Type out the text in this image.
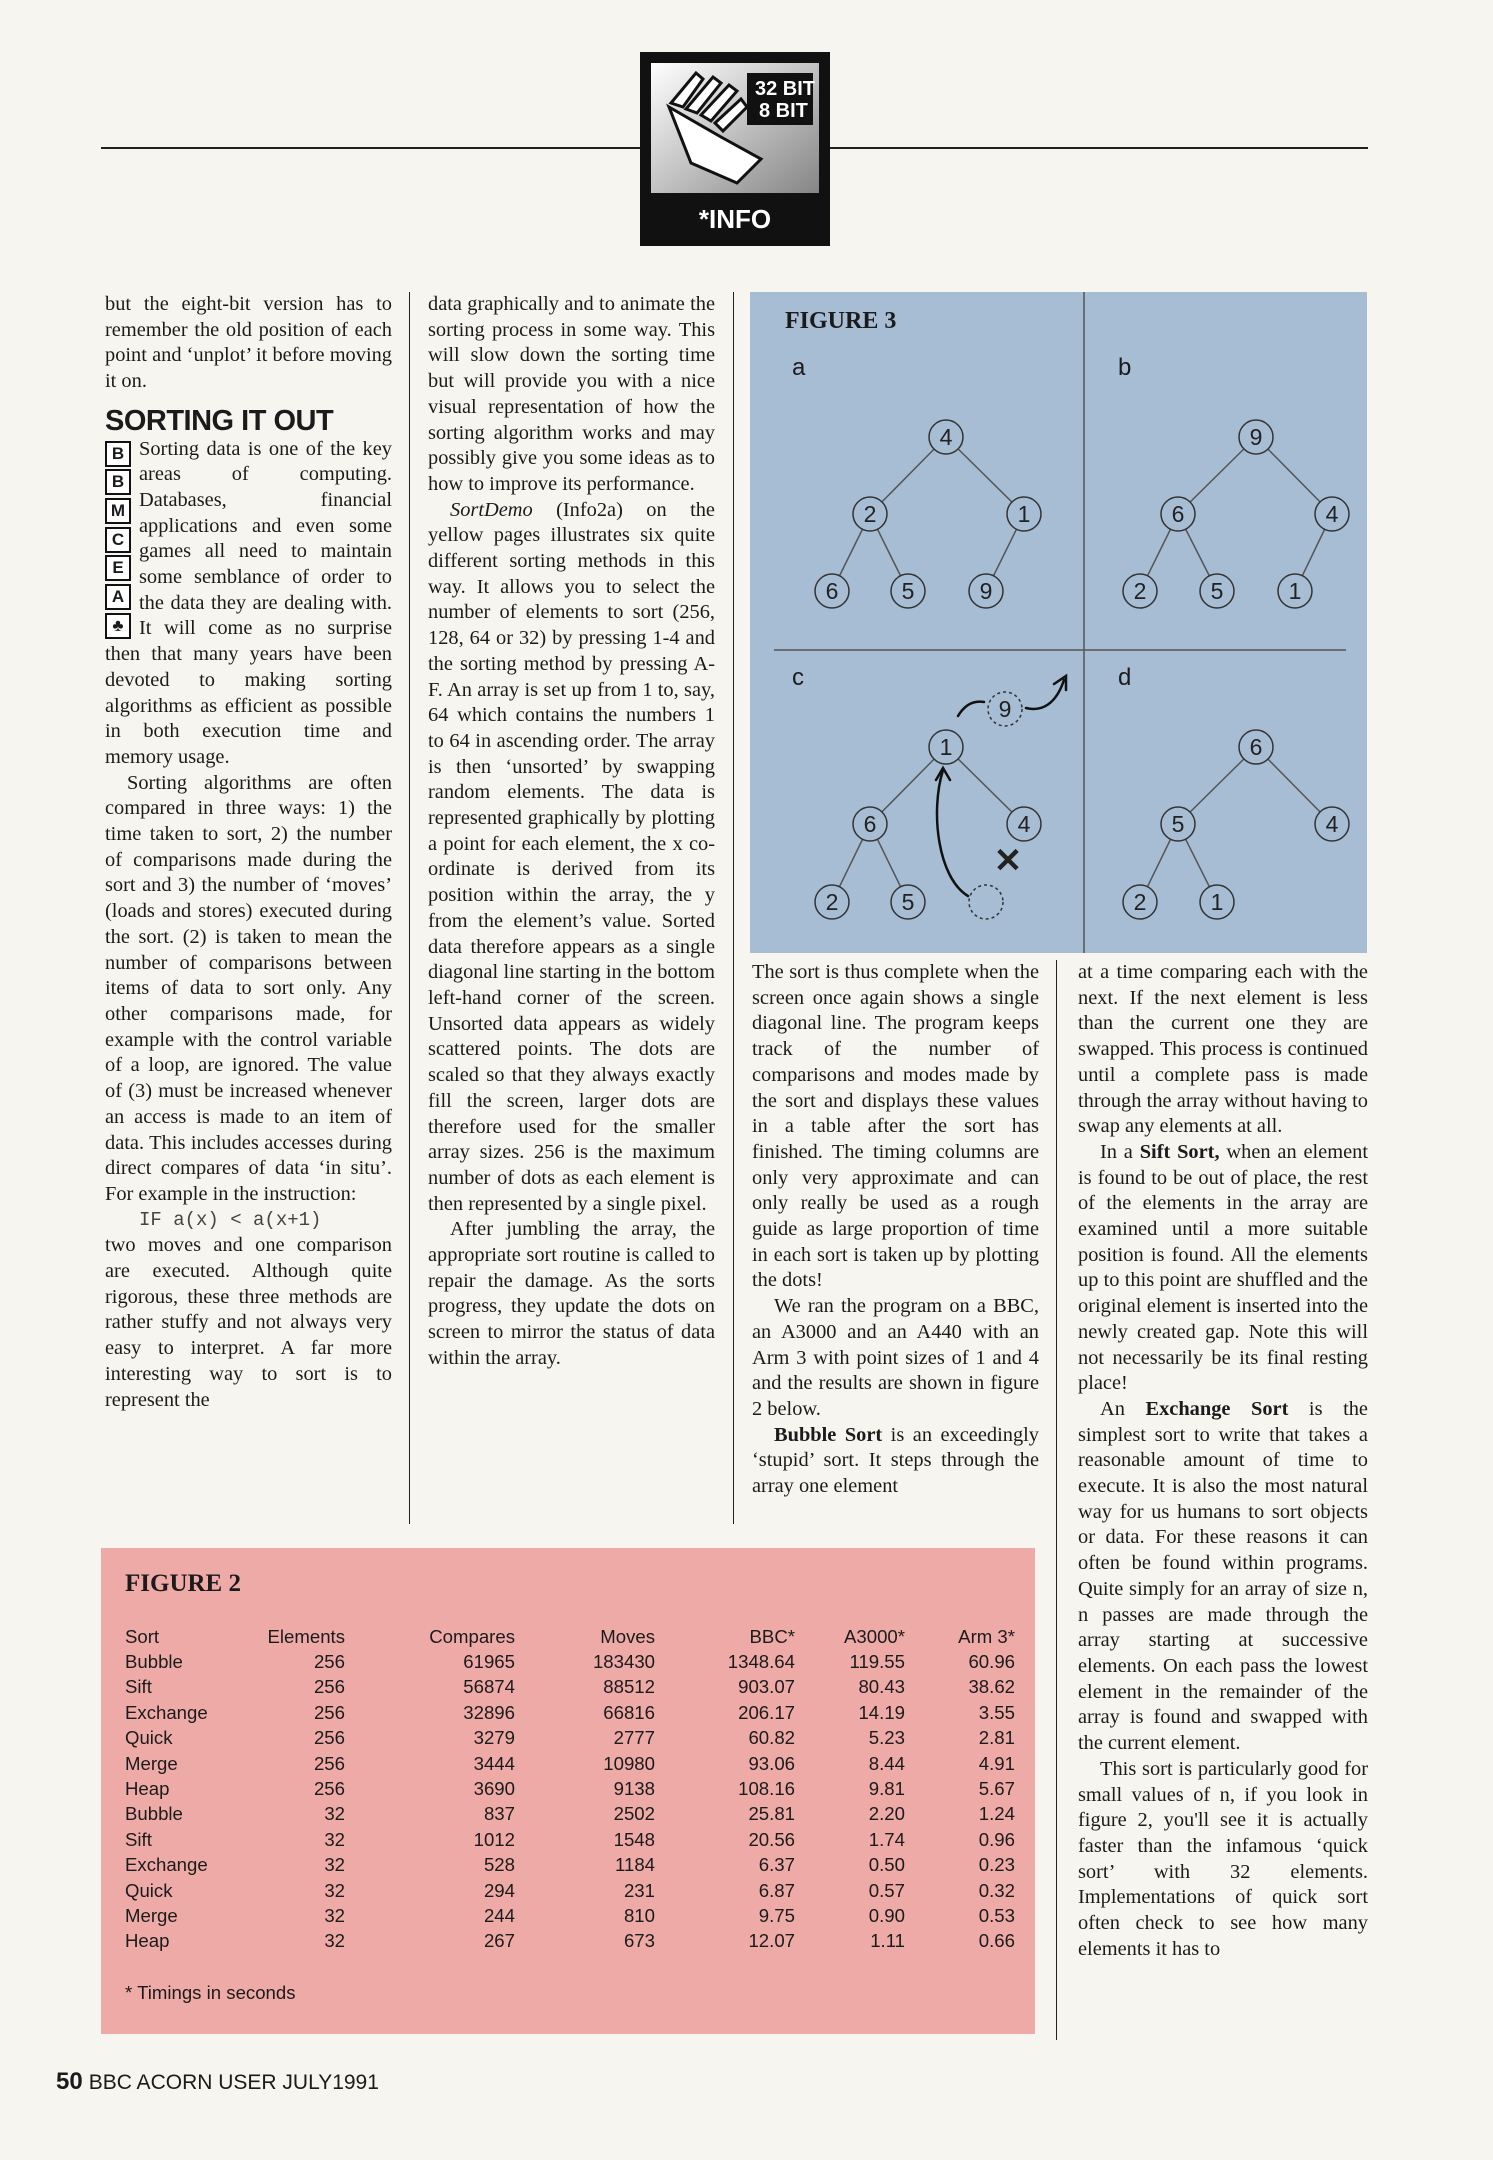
32 BIT
8 BIT
*INFO

but the eight-bit version has to remember the old position of each point and ‘unplot’ it before moving it on.

SORTING IT OUT
B
B
M
C
E
A
♣

Sorting data is one of the key areas of computing. Databases, financial applications and even some games all need to maintain some semblance of order to the data they are dealing with. It will come as no surprise then that many years have been devoted to making sorting algorithms as efficient as possible in both execution time and memory usage.

Sorting algorithms are often compared in three ways: 1) the time taken to sort, 2) the number of comparisons made during the sort and 3) the number of ‘moves’ (loads and stores) executed during the sort. (2) is taken to mean the number of comparisons between items of data to sort only. Any other comparisons made, for example with the control variable of a loop, are ignored. The value of (3) must be increased whenever an access is made to an item of data. This includes accesses during direct compares of data ‘in situ’. For example in the instruction:

IF a(x) < a(x+1)

two moves and one comparison are executed. Although quite rigorous, these three methods are rather stuffy and not always very easy to interpret. A far more interesting way to sort is to represent the

data graphically and to animate the sorting process in some way. This will slow down the sorting time but will provide you with a nice visual representation of how the sorting algorithm works and may possibly give you some ideas as to how to improve its performance.

SortDemo (Info2a) on the yellow pages illustrates six quite different sorting methods in this way. It allows you to select the number of elements to sort (256, 128, 64 or 32) by pressing 1-4 and the sorting method by pressing A-F. An array is set up from 1 to, say, 64 which contains the numbers 1 to 64 in ascending order. The array is then ‘unsorted’ by swapping random elements. The data is represented graphically by plotting a point for each element, the x co-ordinate is derived from its position within the array, the y from the element’s value. Sorted data therefore appears as a single diagonal line starting in the bottom left-hand corner of the screen. Unsorted data appears as widely scattered points. The dots are scaled so that they always exactly fill the screen, larger dots are therefore used for the smaller array sizes. 256 is the maximum number of dots as each element is then represented by a single pixel.

After jumbling the array, the appropriate sort routine is called to repair the damage. As the sorts progress, they update the dots on screen to mirror the status of data within the array.

FIGURE 3
a	b
c	d
4
2	1
6	5	9
9
6	4
2	5	1
9
1
6	4
2	5
6
5	4
2	1
✕

The sort is thus complete when the screen once again shows a single diagonal line. The program keeps track of the number of comparisons and modes made by the sort and displays these values in a table after the sort has finished. The timing columns are only very approximate and can only really be used as a rough guide as large proportion of time in each sort is taken up by plotting the dots!

We ran the program on a BBC, an A3000 and an A440 with an Arm 3 with point sizes of 1 and 4 and the results are shown in figure 2 below.

Bubble Sort is an exceedingly ‘stupid’ sort. It steps through the array one element

at a time comparing each with the next. If the next element is less than the current one they are swapped. This process is continued until a complete pass is made through the array without having to swap any elements at all.

In a Sift Sort, when an element is found to be out of place, the rest of the elements in the array are examined until a more suitable position is found. All the elements up to this point are shuffled and the original element is inserted into the newly created gap. Note this will not necessarily be its final resting place!

An Exchange Sort is the simplest sort to write that takes a reasonable amount of time to execute. It is also the most natural way for us humans to sort objects or data. For these reasons it can often be found within programs. Quite simply for an array of size n, n passes are made through the array starting at successive elements. On each pass the lowest element in the remainder of the array is found and swapped with the current element.

This sort is particularly good for small values of n, if you look in figure 2, you'll see it is actually faster than the infamous ‘quick sort’ with 32 elements. Implementations of quick sort often check to see how many elements it has to

FIGURE 2
Sort	Elements	Compares	Moves	BBC*	A3000*	Arm 3*
Bubble	256	61965	183430	1348.64	119.55	60.96
Sift	256	56874	88512	903.07	80.43	38.62
Exchange	256	32896	66816	206.17	14.19	3.55
Quick	256	3279	2777	60.82	5.23	2.81
Merge	256	3444	10980	93.06	8.44	4.91
Heap	256	3690	9138	108.16	9.81	5.67
Bubble	32	837	2502	25.81	2.20	1.24
Sift	32	1012	1548	20.56	1.74	0.96
Exchange	32	528	1184	6.37	0.50	0.23
Quick	32	294	231	6.87	0.57	0.32
Merge	32	244	810	9.75	0.90	0.53
Heap	32	267	673	12.07	1.11	0.66
* Timings in seconds
50 BBC ACORN USER JULY1991
